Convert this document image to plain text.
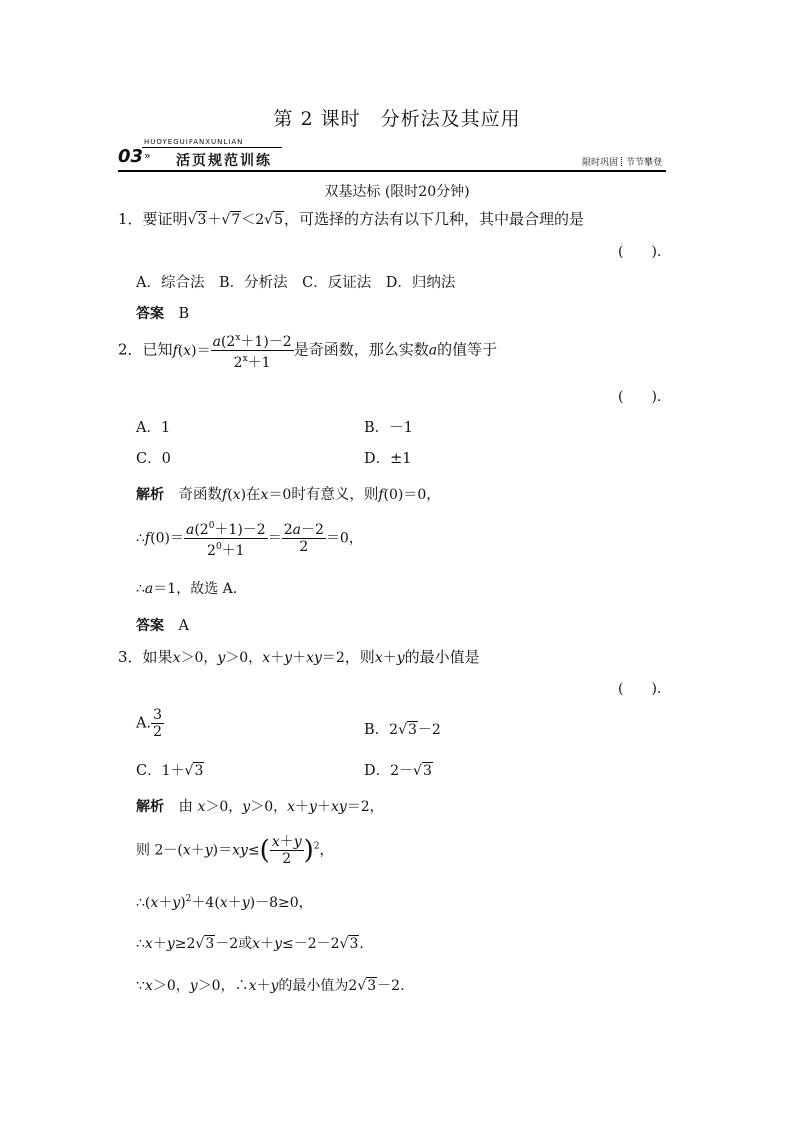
第 2 课时　分析法及其应用
HUOYEGUIFANXUNLIAN
03 » 活页规范训练	限时巩固 节节攀登
双基达标 (限时20分钟)
1．要证明√3＋√7＜2√5，可选择的方法有以下几种，其中最合理的是
(　　).
A．综合法　B．分析法　C．反证法　D．归纳法
答案　 B
2．已知$f(x)= \frac{a(2^x+1)-2}{2^x+1}$ 是奇函数，那么实数a的值等于
(　　).
A．1	B．－1
C．0	D．±1
解析　 奇函数f(x)在x＝0时有意义，则f(0)＝0，
∴f(0)＝ $\frac{a(2^0+1)-2}{2^0+1} = \frac{2a-2}{2} =0$，
∴a＝1，故选 A.
答案　 A
3．如果x＞0，y＞0，x＋y＋xy＝2，则x＋y的最小值是
(　　).
A. $\frac{3}{2}$	B．2√3－2
C．1＋√3	D．2－√3
解析　 由 x＞0，y＞0，x＋y＋xy＝2，
则 $2-(x+y)=xy\le( \frac{x+y}{2} )^2$，
$\therefore(x+y)^2+4(x+y)-8\ge 0$，
∴x＋y≥2√3－2或x＋y≤－2－2√3.
∵x＞0，y＞0，∴x＋y的最小值为2√3－2.
